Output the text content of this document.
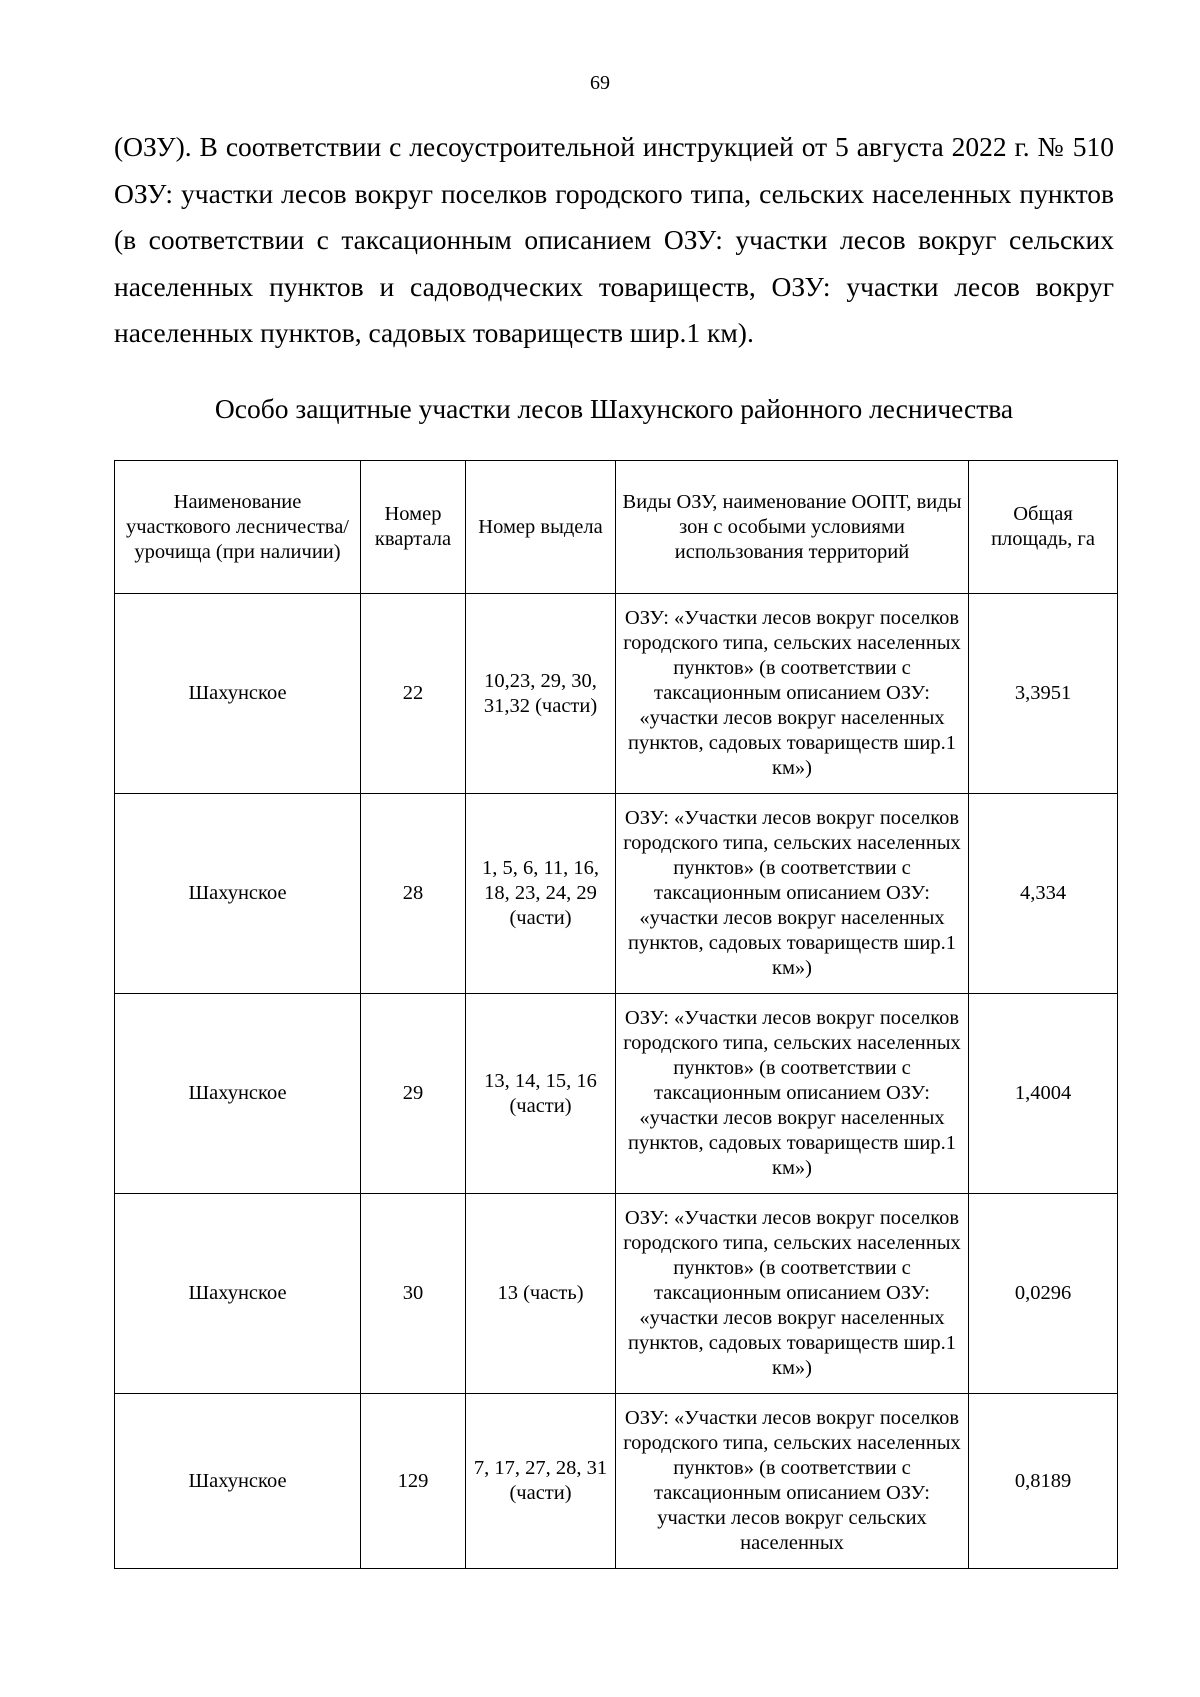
69

(ОЗУ). В соответствии с лесоустроительной инструкцией от 5 августа 2022 г. № 510 ОЗУ: участки лесов вокруг поселков городского типа, сельских населенных пунктов (в соответствии с таксационным описанием ОЗУ: участки лесов вокруг сельских населенных пунктов и садоводческих товариществ, ОЗУ: участки лесов вокруг населенных пунктов, садовых товариществ шир.1 км).

Особо защитные участки лесов Шахунского районного лесничества
Наименование участкового лесничества/урочища (при наличии)	Номер квартала	Номер выдела	Виды ОЗУ, наименование ООПТ, виды зон с особыми условиями использования территорий	Общая площадь, га
Шахунское	22	10,23, 29, 30, 31,32 (части)	ОЗУ: «Участки лесов вокруг поселков городского типа, сельских населенных пунктов» (в соответствии с таксационным описанием ОЗУ: «участки лесов вокруг населенных пунктов, садовых товариществ шир.1 км»)	3,3951
Шахунское	28	1, 5, 6, 11, 16, 18, 23, 24, 29 (части)	ОЗУ: «Участки лесов вокруг поселков городского типа, сельских населенных пунктов» (в соответствии с таксационным описанием ОЗУ: «участки лесов вокруг населенных пунктов, садовых товариществ шир.1 км»)	4,334
Шахунское	29	13, 14, 15, 16 (части)	ОЗУ: «Участки лесов вокруг поселков городского типа, сельских населенных пунктов» (в соответствии с таксационным описанием ОЗУ: «участки лесов вокруг населенных пунктов, садовых товариществ шир.1 км»)	1,4004
Шахунское	30	13 (часть)	ОЗУ: «Участки лесов вокруг поселков городского типа, сельских населенных пунктов» (в соответствии с таксационным описанием ОЗУ: «участки лесов вокруг населенных пунктов, садовых товариществ шир.1 км»)	0,0296
Шахунское	129	7, 17, 27, 28, 31 (части)	ОЗУ: «Участки лесов вокруг поселков городского типа, сельских населенных пунктов» (в соответствии с таксационным описанием ОЗУ: участки лесов вокруг сельских населенных	0,8189
